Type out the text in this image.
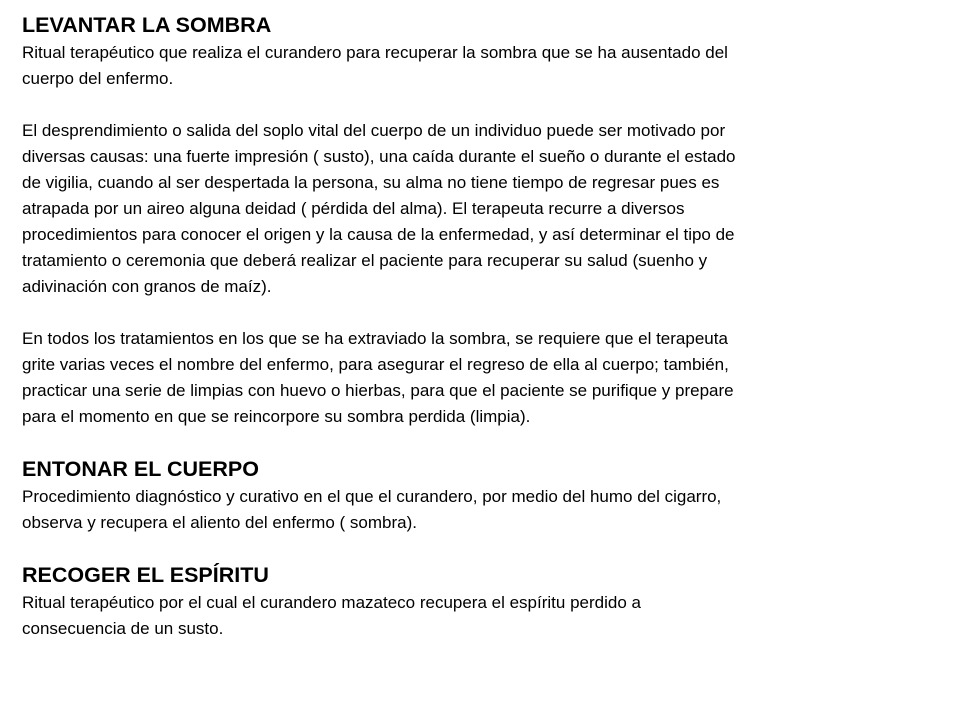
LEVANTAR LA SOMBRA

Ritual terapéutico que realiza el curandero para recuperar la sombra que se ha ausentado del
cuerpo del enfermo.

El desprendimiento o salida del soplo vital del cuerpo de un individuo puede ser motivado por
diversas causas: una fuerte impresión ( susto), una caída durante el sueño o durante el estado
de vigilia, cuando al ser despertada la persona, su alma no tiene tiempo de regresar pues es
atrapada por un aireo alguna deidad ( pérdida del alma). El terapeuta recurre a diversos
procedimientos para conocer el origen y la causa de la enfermedad, y así determinar el tipo de
tratamiento o ceremonia que deberá realizar el paciente para recuperar su salud (suenho y
adivinación con granos de maíz).

En todos los tratamientos en los que se ha extraviado la sombra, se requiere que el terapeuta
grite varias veces el nombre del enfermo, para asegurar el regreso de ella al cuerpo; también,
practicar una serie de limpias con huevo o hierbas, para que el paciente se purifique y prepare
para el momento en que se reincorpore su sombra perdida (limpia).

ENTONAR EL CUERPO

Procedimiento diagnóstico y curativo en el que el curandero, por medio del humo del cigarro,
observa y recupera el aliento del enfermo ( sombra).

RECOGER EL ESPÍRITU

Ritual terapéutico por el cual el curandero mazateco recupera el espíritu perdido a
consecuencia de un susto.
